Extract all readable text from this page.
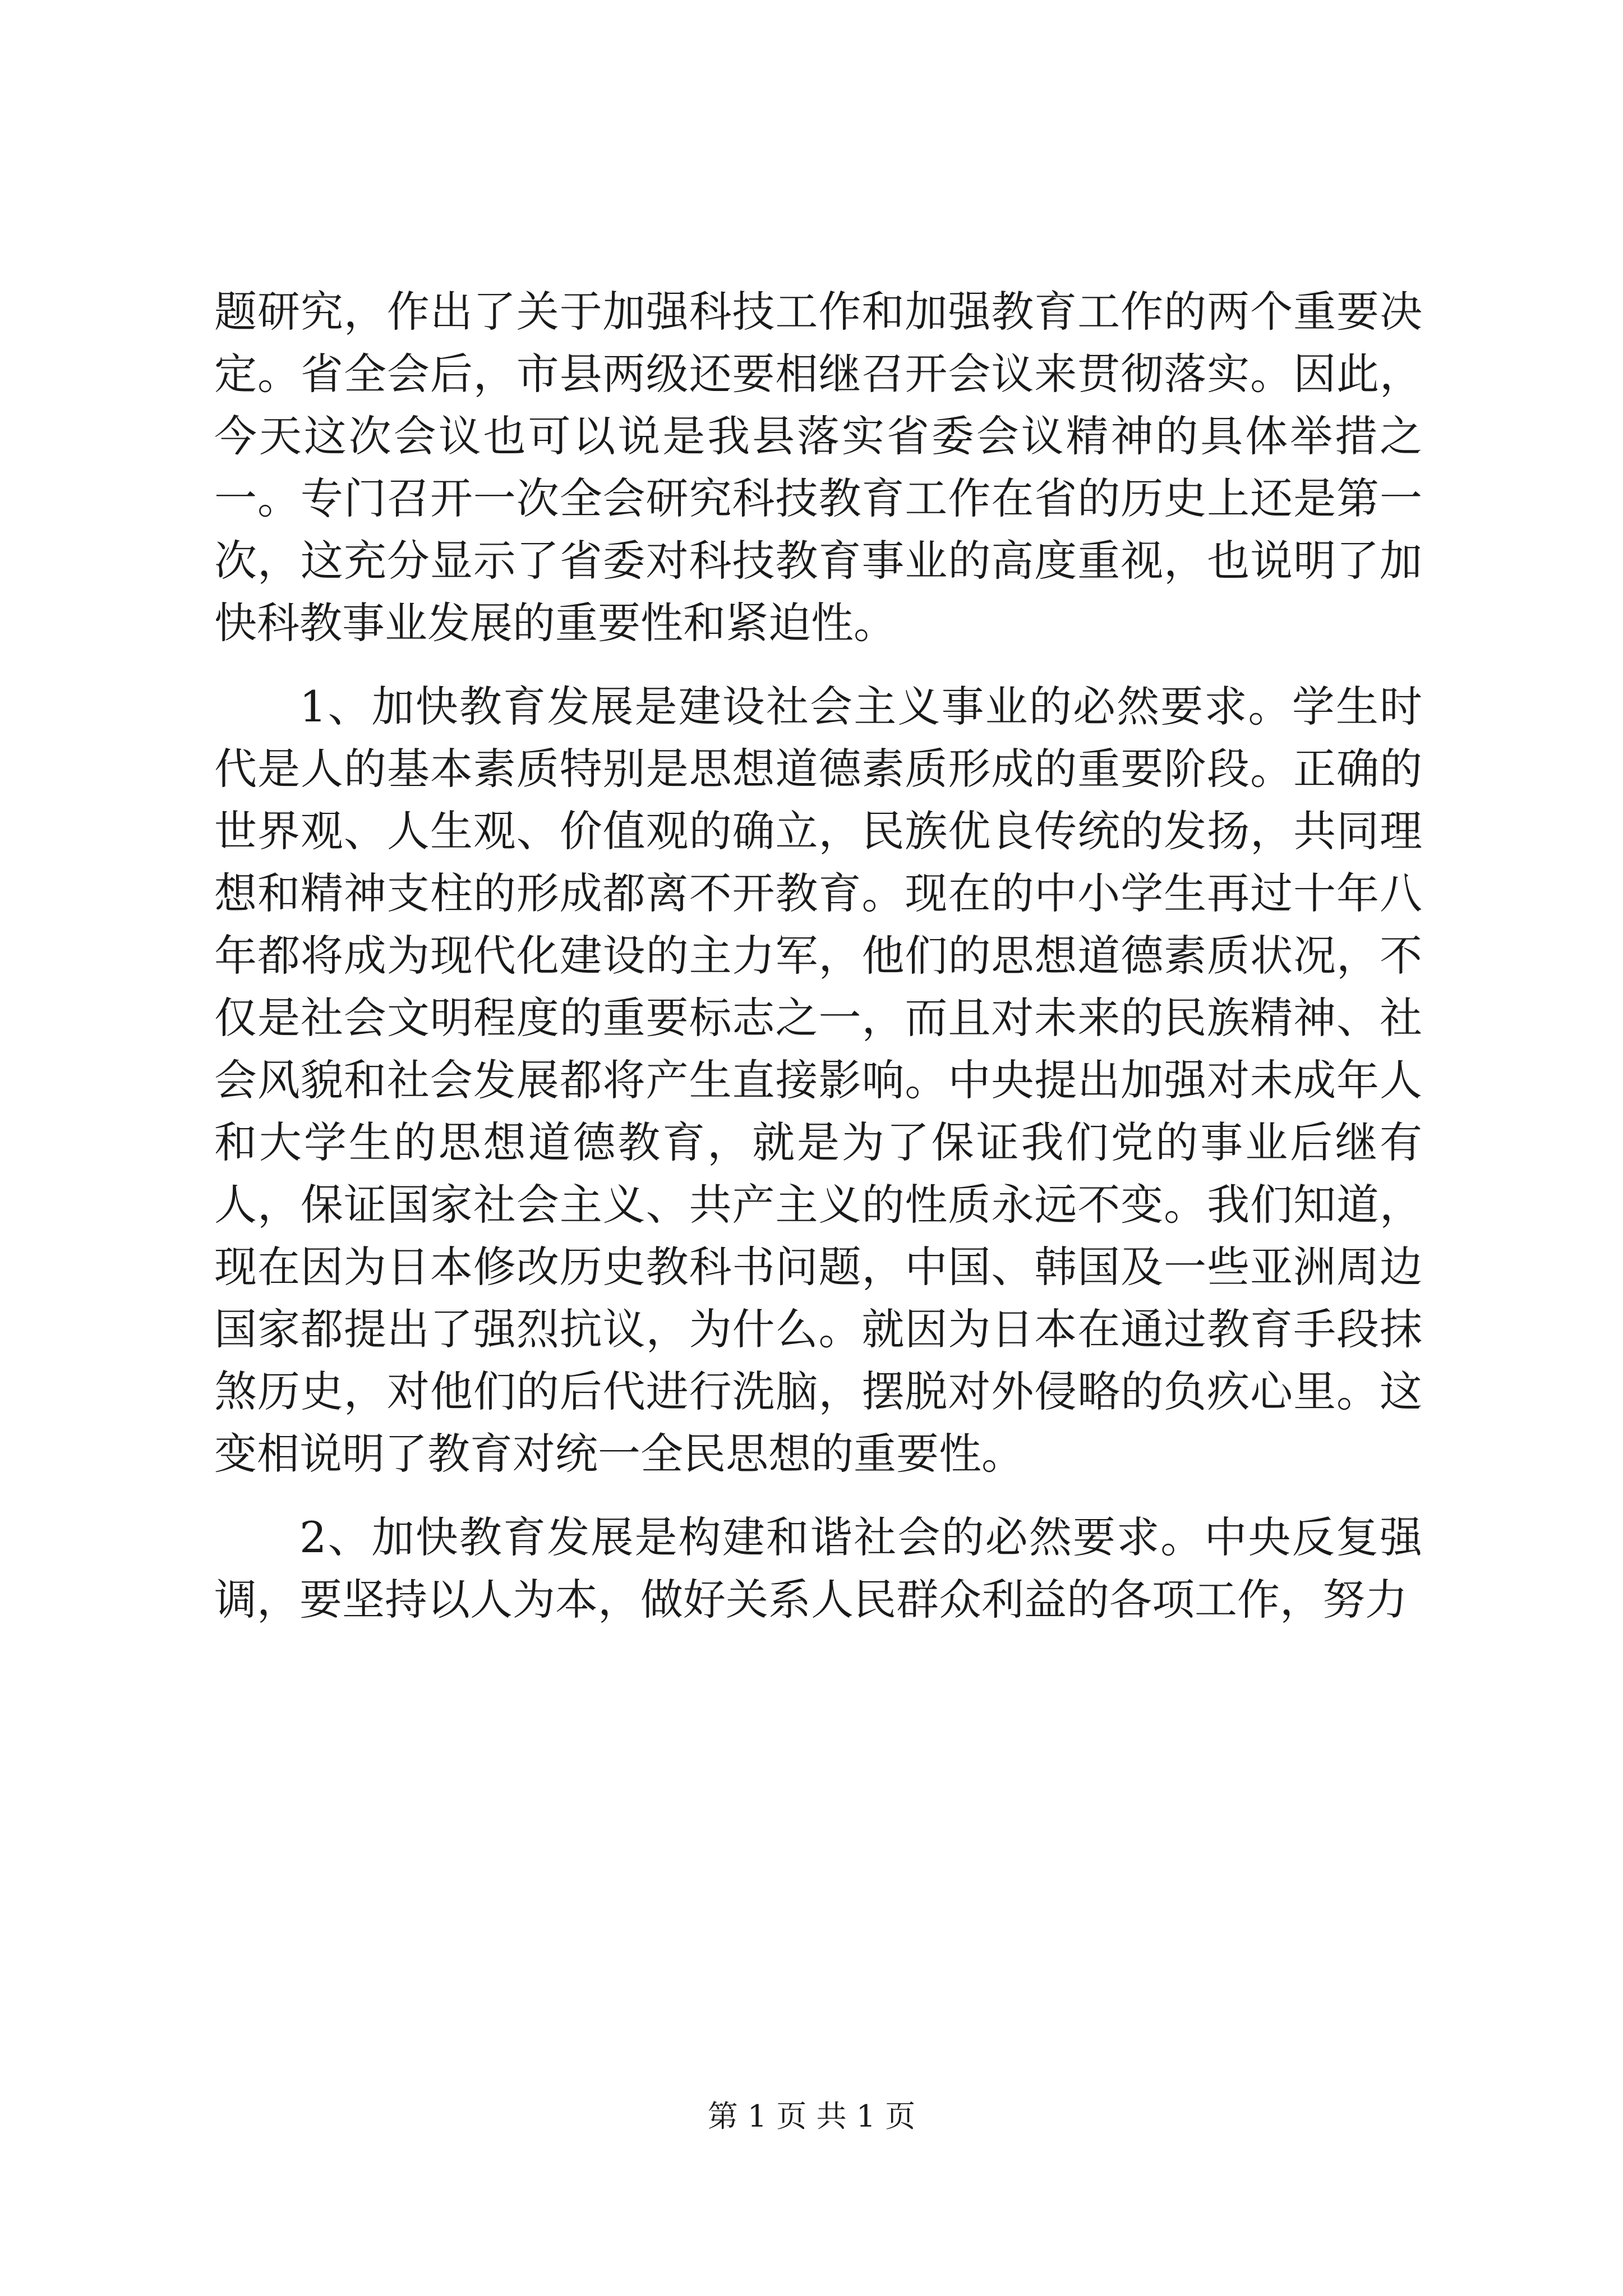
题研究，作出了关于加强科技工作和加强教育工作的两个重要决定。省全会后，市县两级还要相继召开会议来贯彻落实。因此，今天这次会议也可以说是我县落实省委会议精神的具体举措之一。专门召开一次全会研究科技教育工作在省的历史上还是第一次，这充分显示了省委对科技教育事业的高度重视，也说明了加快科教事业发展的重要性和紧迫性。

1、加快教育发展是建设社会主义事业的必然要求。学生时代是人的基本素质特别是思想道德素质形成的重要阶段。正确的世界观、人生观、价值观的确立，民族优良传统的发扬，共同理想和精神支柱的形成都离不开教育。现在的中小学生再过十年八年都将成为现代化建设的主力军，他们的思想道德素质状况，不仅是社会文明程度的重要标志之一，而且对未来的民族精神、社会风貌和社会发展都将产生直接影响。中央提出加强对未成年人和大学生的思想道德教育，就是为了保证我们党的事业后继有人，保证国家社会主义、共产主义的性质永远不变。我们知道，现在因为日本修改历史教科书问题，中国、韩国及一些亚洲周边国家都提出了强烈抗议，为什么。就因为日本在通过教育手段抹煞历史，对他们的后代进行洗脑，摆脱对外侵略的负疚心里。这变相说明了教育对统一全民思想的重要性。

2、加快教育发展是构建和谐社会的必然要求。中央反复强调，要坚持以人为本，做好关系人民群众利益的各项工作，努力

第 1 页 共 1 页
